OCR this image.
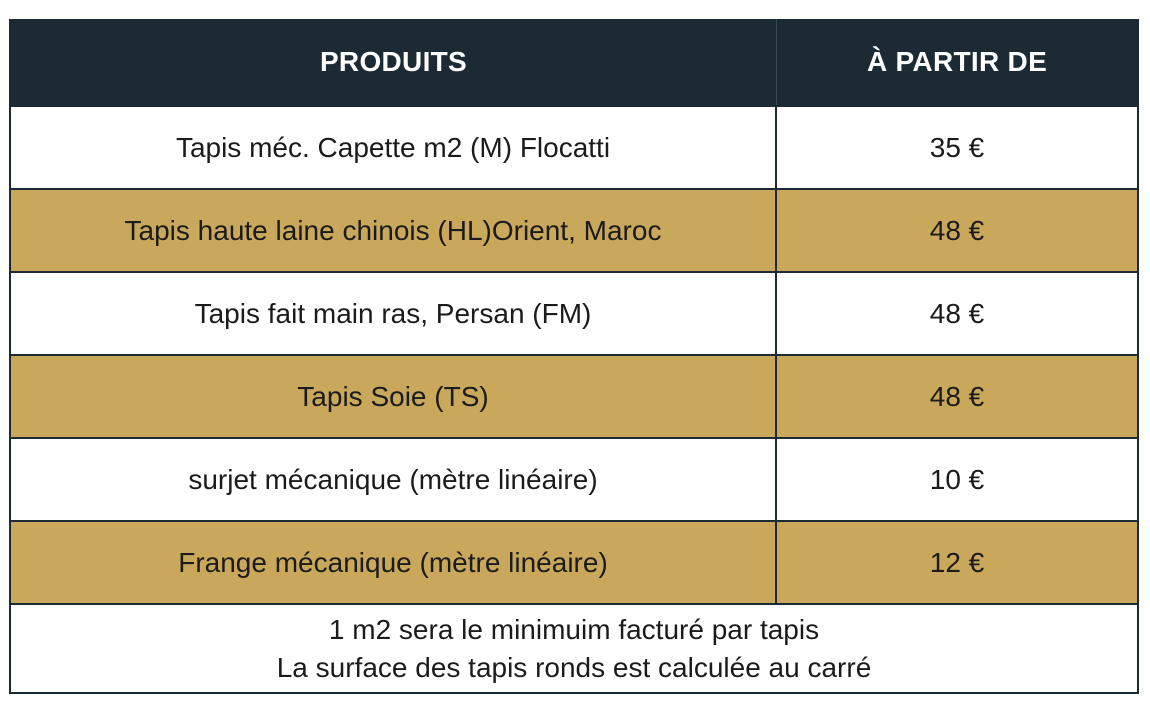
PRODUITS	À PARTIR DE
Tapis méc. Capette m2 (M) Flocatti	35 €
Tapis haute laine chinois (HL)Orient, Maroc	48 €
Tapis fait main ras, Persan (FM)	48 €
Tapis Soie (TS)	48 €
surjet mécanique (mètre linéaire)	10 €
Frange mécanique (mètre linéaire)	12 €
1 m2 sera le minimuim facturé par tapis
La surface des tapis ronds est calculée au carré
